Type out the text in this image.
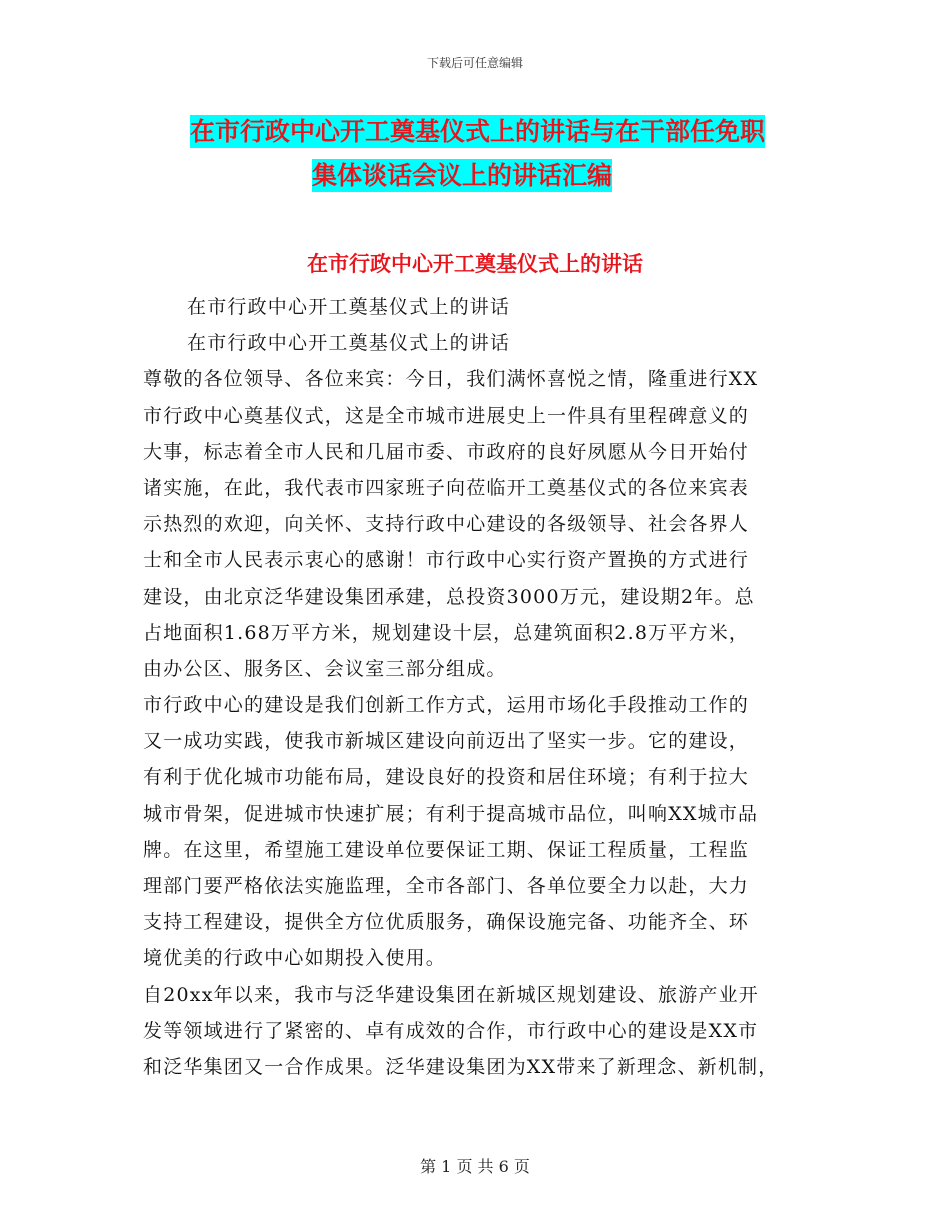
下载后可任意编辑
在市行政中心开工奠基仪式上的讲话与在干部任免职
集体谈话会议上的讲话汇编
在市行政中心开工奠基仪式上的讲话
在市行政中心开工奠基仪式上的讲话
在市行政中心开工奠基仪式上的讲话
尊敬的各位领导、各位来宾：今日，我们满怀喜悦之情，隆重进行XX
市行政中心奠基仪式，这是全市城市进展史上一件具有里程碑意义的
大事，标志着全市人民和几届市委、市政府的良好夙愿从今日开始付
诸实施，在此，我代表市四家班子向莅临开工奠基仪式的各位来宾表
示热烈的欢迎，向关怀、支持行政中心建设的各级领导、社会各界人
士和全市人民表示衷心的感谢！市行政中心实行资产置换的方式进行
建设，由北京泛华建设集团承建，总投资3000万元，建设期2年。总
占地面积1.68万平方米，规划建设十层，总建筑面积2.8万平方米，
由办公区、服务区、会议室三部分组成。
市行政中心的建设是我们创新工作方式，运用市场化手段推动工作的
又一成功实践，使我市新城区建设向前迈出了坚实一步。它的建设，
有利于优化城市功能布局，建设良好的投资和居住环境；有利于拉大
城市骨架，促进城市快速扩展；有利于提高城市品位，叫响XX城市品
牌。在这里，希望施工建设单位要保证工期、保证工程质量，工程监
理部门要严格依法实施监理，全市各部门、各单位要全力以赴，大力
支持工程建设，提供全方位优质服务，确保设施完备、功能齐全、环
境优美的行政中心如期投入使用。
自20xx年以来，我市与泛华建设集团在新城区规划建设、旅游产业开
发等领域进行了紧密的、卓有成效的合作，市行政中心的建设是XX市
和泛华集团又一合作成果。泛华建设集团为XX带来了新理念、新机制，
第 1 页 共 6 页
